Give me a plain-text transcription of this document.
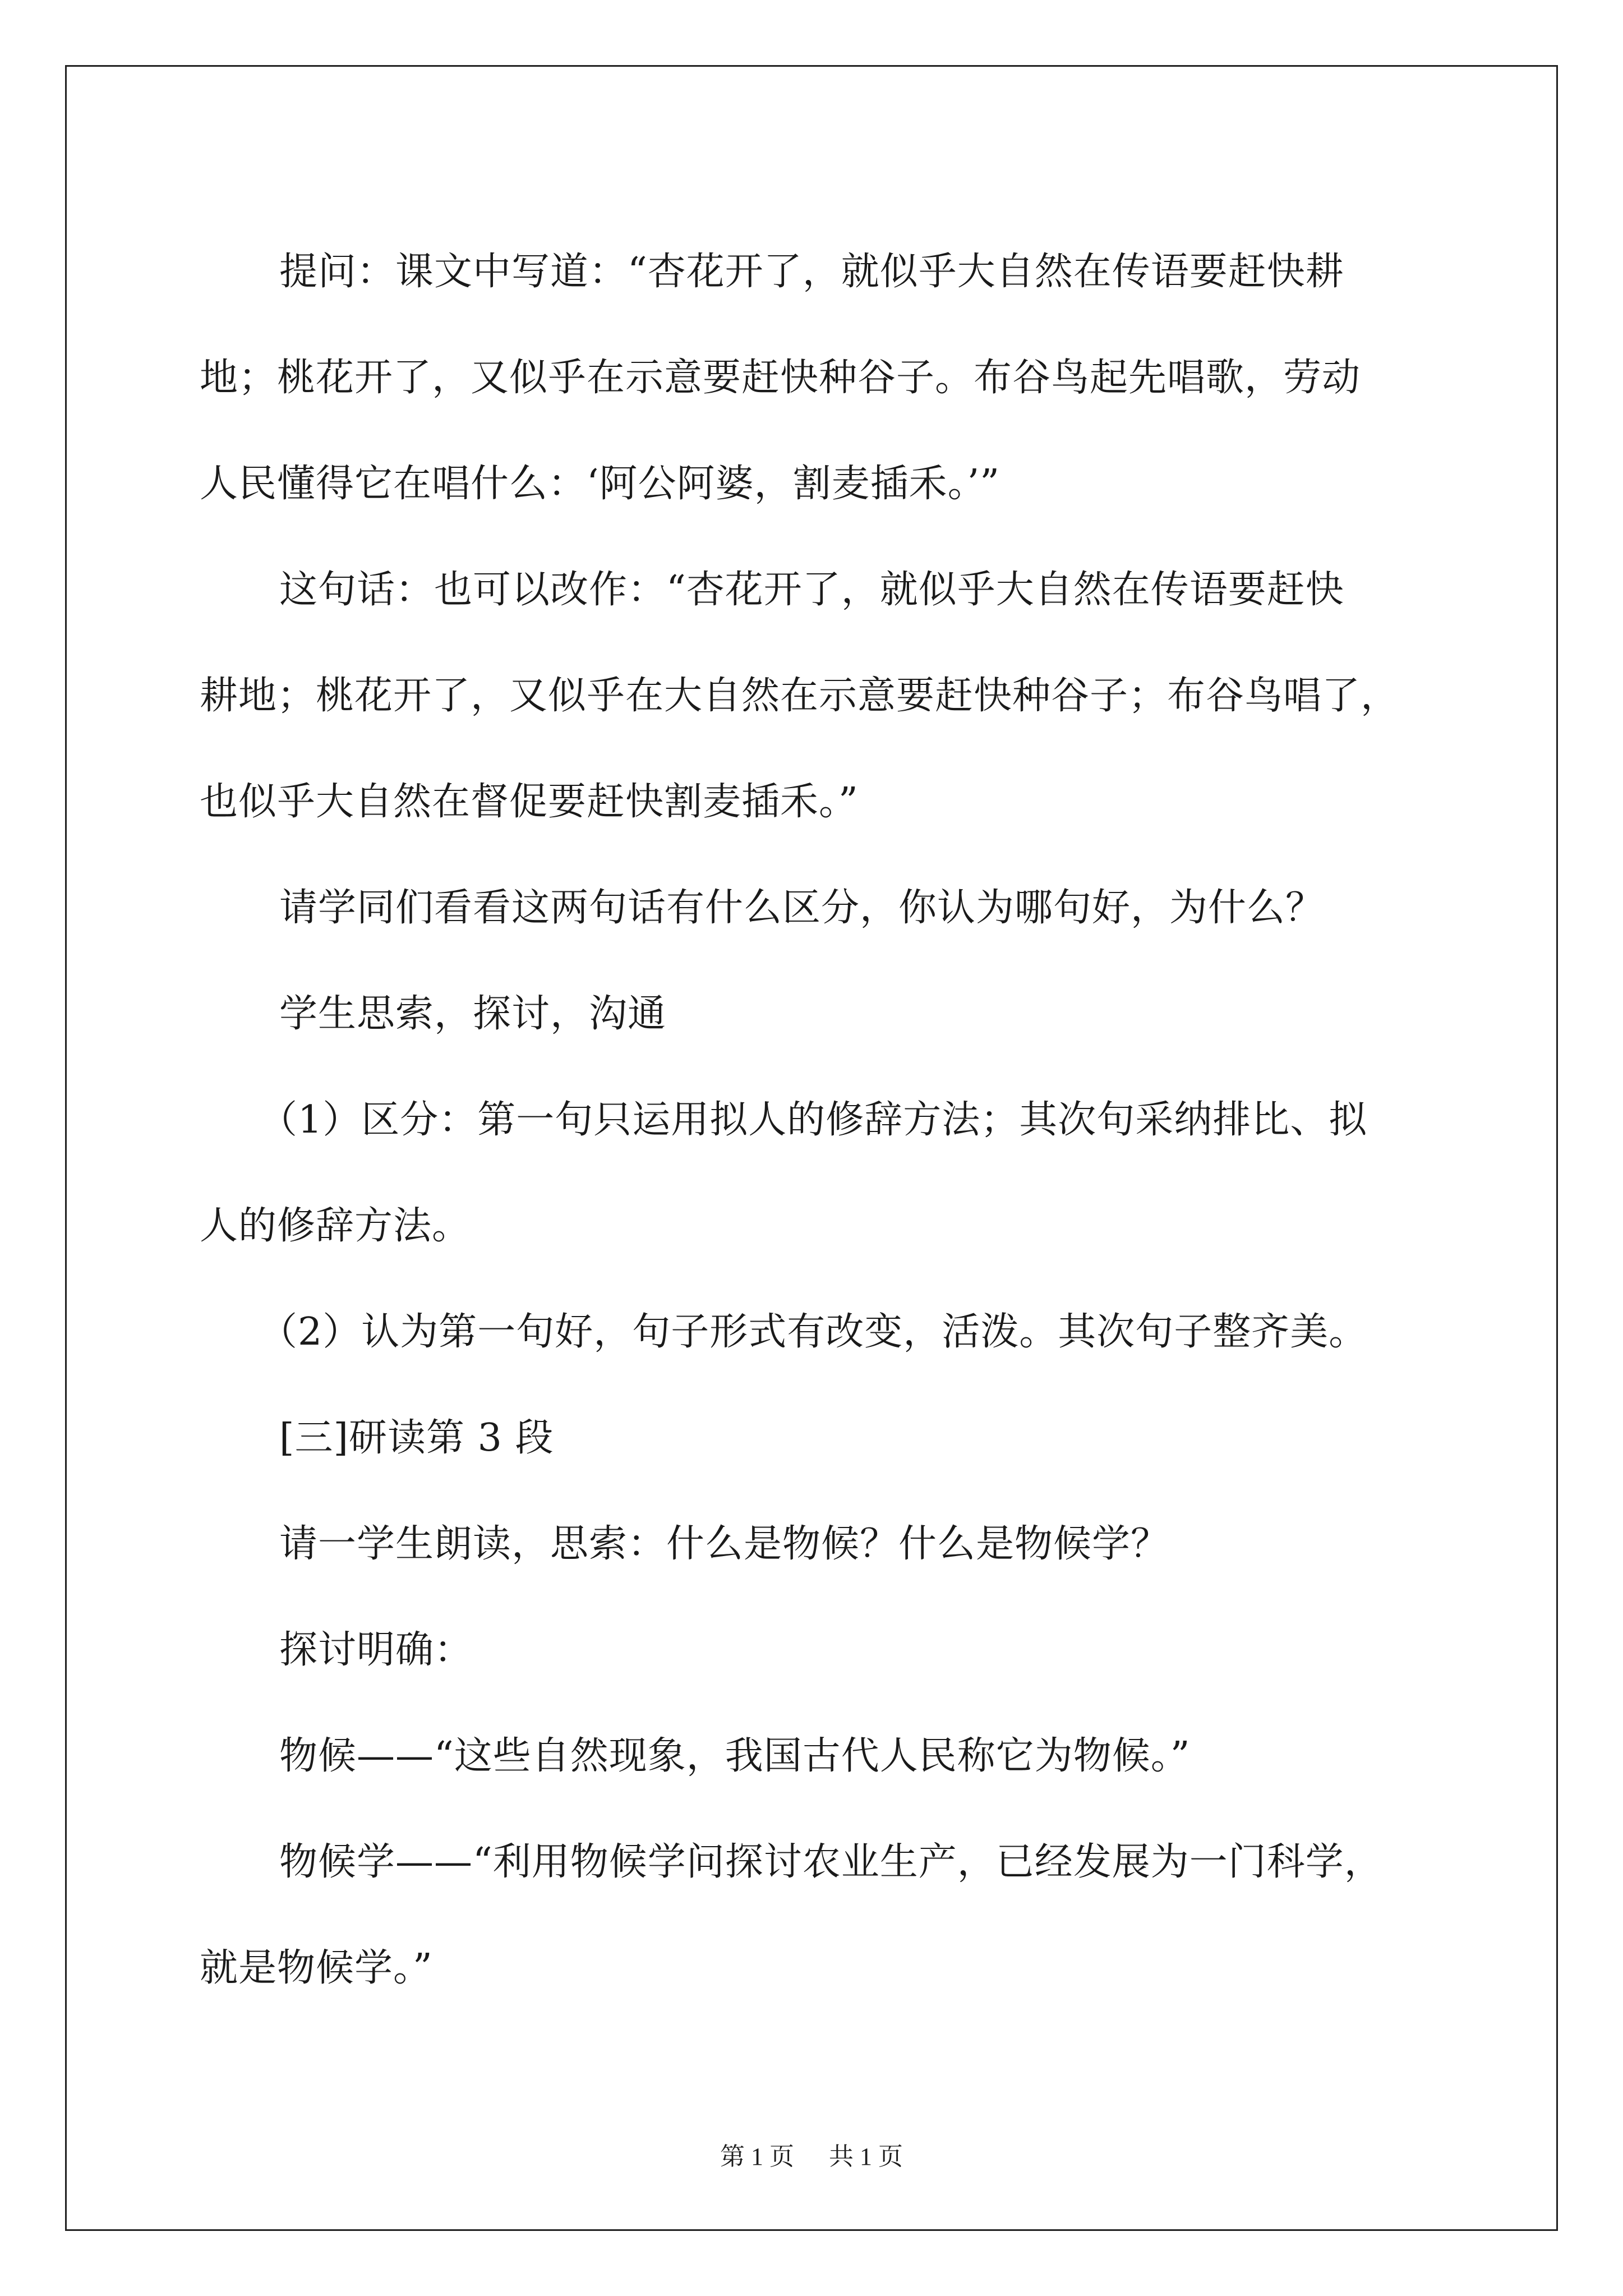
提问：课文中写道：“杏花开了，就似乎大自然在传语要赶快耕
地；桃花开了，又似乎在示意要赶快种谷子。布谷鸟起先唱歌，劳动
人民懂得它在唱什么：‘阿公阿婆，割麦插禾。’”
这句话：也可以改作：“杏花开了，就似乎大自然在传语要赶快
耕地；桃花开了，又似乎在大自然在示意要赶快种谷子；布谷鸟唱了，
也似乎大自然在督促要赶快割麦插禾。”
请学同们看看这两句话有什么区分，你认为哪句好，为什么？
学生思索，探讨，沟通
（1）区分：第一句只运用拟人的修辞方法；其次句采纳排比、拟
人的修辞方法。
（2）认为第一句好，句子形式有改变，活泼。其次句子整齐美。
[三]研读第 3 段
请一学生朗读，思索：什么是物候？什么是物候学？
探讨明确：
物候——“这些自然现象，我国古代人民称它为物候。”
物候学——“利用物候学问探讨农业生产，已经发展为一门科学，
就是物候学。”
第 1 页 共 1 页
